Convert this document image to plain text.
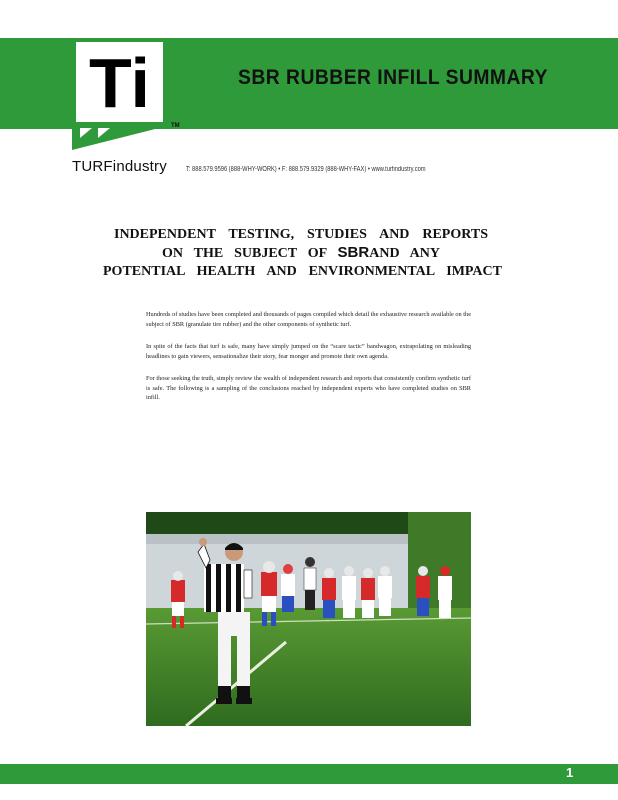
Ti
TM
TURFindustry
SBR RUBBER INFILL SUMMARY
T: 888.579.9596 (888-WHY-WORK) • F: 888.579.9329 (888-WHY-FAX) • www.turfindustry.com
INDEPENDENT TESTING, STUDIES AND REPORTS
ON THE SUBJECT OF SBRAND ANY
POTENTIAL HEALTH AND ENVIRONMENTAL IMPACT

Hundreds of studies have been completed and thousands of pages compiled which detail the exhaustive research available on the subject of SBR (granulate tire rubber) and the other components of synthetic turf.

In spite of the facts that turf is safe, many have simply jumped on the “scare tactic” bandwagon, extrapolating on misleading headlines to gain viewers, sensationalize their story, fear monger and promote their own agenda.

For those seeking the truth, simply review the wealth of independent research and reports that consistently confirm synthetic turf is safe. The following is a sampling of the conclusions reached by independent experts who have completed studies on SBR infill.

1
